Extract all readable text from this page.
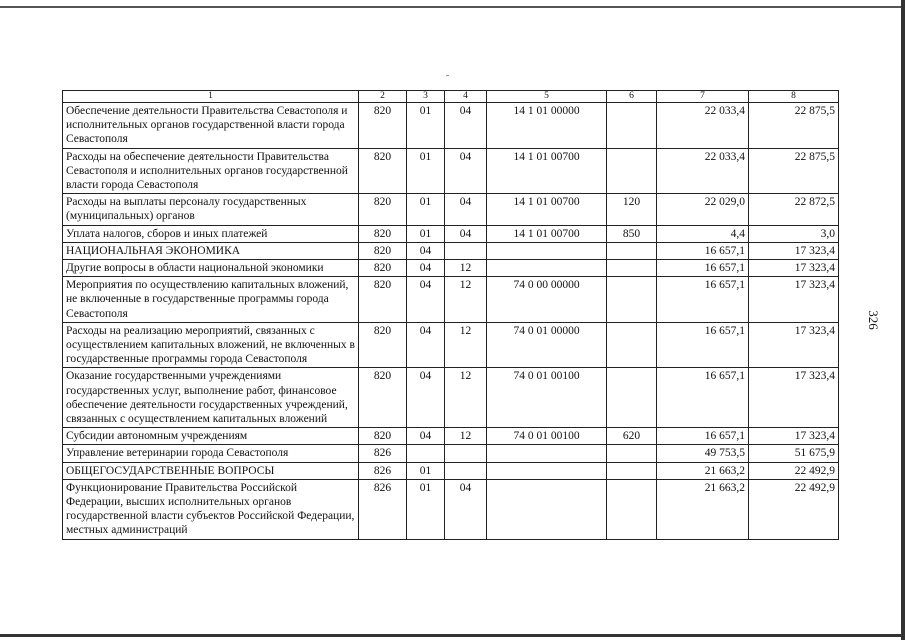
326
1	2	3	4	5	6	7	8
Обеспечение деятельности Правительства Севастополя и исполнительных органов государственной власти города Севастополя	820	01	04	14 1 01 00000		22 033,4	22 875,5
Расходы на обеспечение деятельности Правительства Севастополя и исполнительных органов государственной власти города Севастополя	820	01	04	14 1 01 00700		22 033,4	22 875,5
Расходы на выплаты персоналу государственных (муниципальных) органов	820	01	04	14 1 01 00700	120	22 029,0	22 872,5
Уплата налогов, сборов и иных платежей	820	01	04	14 1 01 00700	850	4,4	3,0
НАЦИОНАЛЬНАЯ ЭКОНОМИКА	820	04				16 657,1	17 323,4
Другие вопросы в области национальной экономики	820	04	12			16 657,1	17 323,4
Мероприятия по осуществлению капитальных вложений, не включенные в государственные программы города Севастополя	820	04	12	74 0 00 00000		16 657,1	17 323,4
Расходы на реализацию мероприятий, связанных с осуществлением капитальных вложений, не включенных в государственные программы города Севастополя	820	04	12	74 0 01 00000		16 657,1	17 323,4
Оказание государственными учреждениями государственных услуг, выполнение работ, финансовое обеспечение деятельности государственных учреждений, связанных с осуществлением капитальных вложений	820	04	12	74 0 01 00100		16 657,1	17 323,4
Субсидии автономным учреждениям	820	04	12	74 0 01 00100	620	16 657,1	17 323,4
Управление ветеринарии города Севастополя	826					49 753,5	51 675,9
ОБЩЕГОСУДАРСТВЕННЫЕ ВОПРОСЫ	826	01				21 663,2	22 492,9
Функционирование Правительства Российской Федерации, высших исполнительных органов государственной власти субъектов Российской Федерации, местных администраций	826	01	04			21 663,2	22 492,9
